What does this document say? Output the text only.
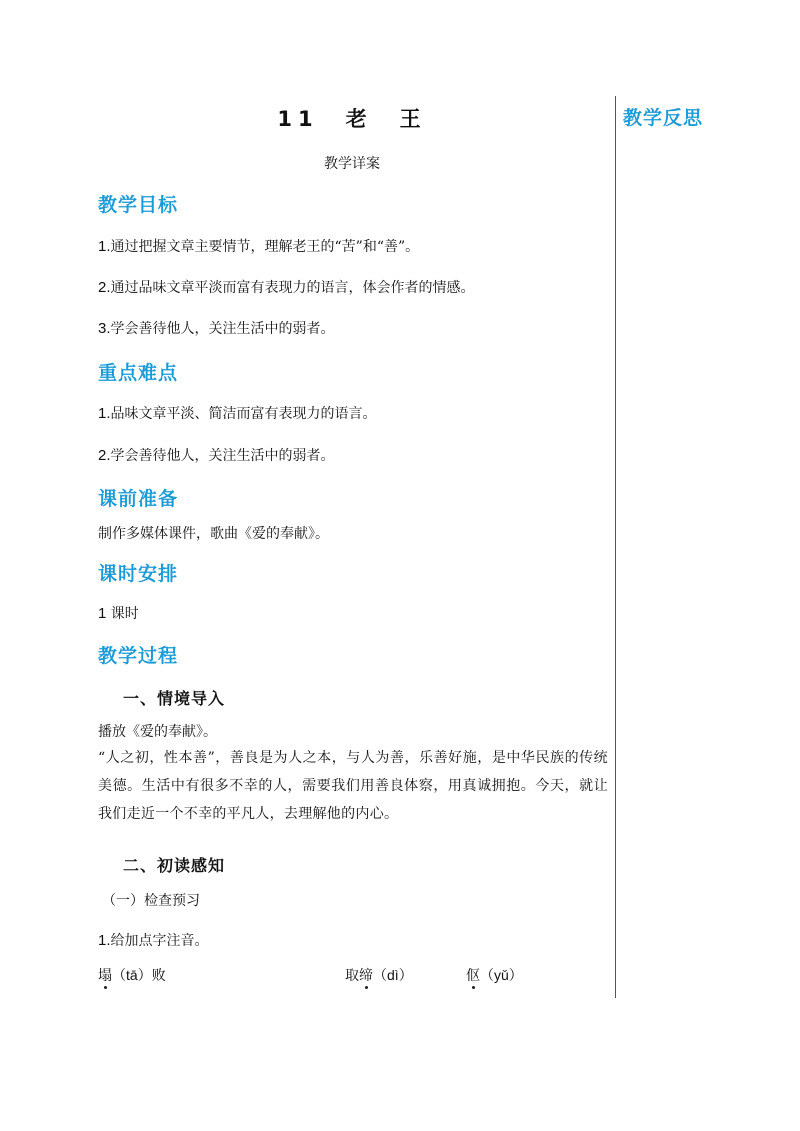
教学反思
11　老　王
教学详案
教学目标
1.通过把握文章主要情节，理解老王的“苦”和“善”。
2.通过品味文章平淡而富有表现力的语言，体会作者的情感。
3.学会善待他人，关注生活中的弱者。
重点难点
1.品味文章平淡、简洁而富有表现力的语言。
2.学会善待他人，关注生活中的弱者。
课前准备
制作多媒体课件，歌曲《爱的奉献》。
课时安排
1 课时
教学过程
一、情境导入
播放《爱的奉献》。
“人之初，性本善”，善良是为人之本，与人为善，乐善好施，是中华民族的传统美德。生活中有很多不幸的人，需要我们用善良体察，用真诚拥抱。今天，就让我们走近一个不幸的平凡人，去理解他的内心。
二、初读感知
（一）检查预习
1.给加点字注音。
塌（tā）败	取缔（dì）	伛（yǔ）
